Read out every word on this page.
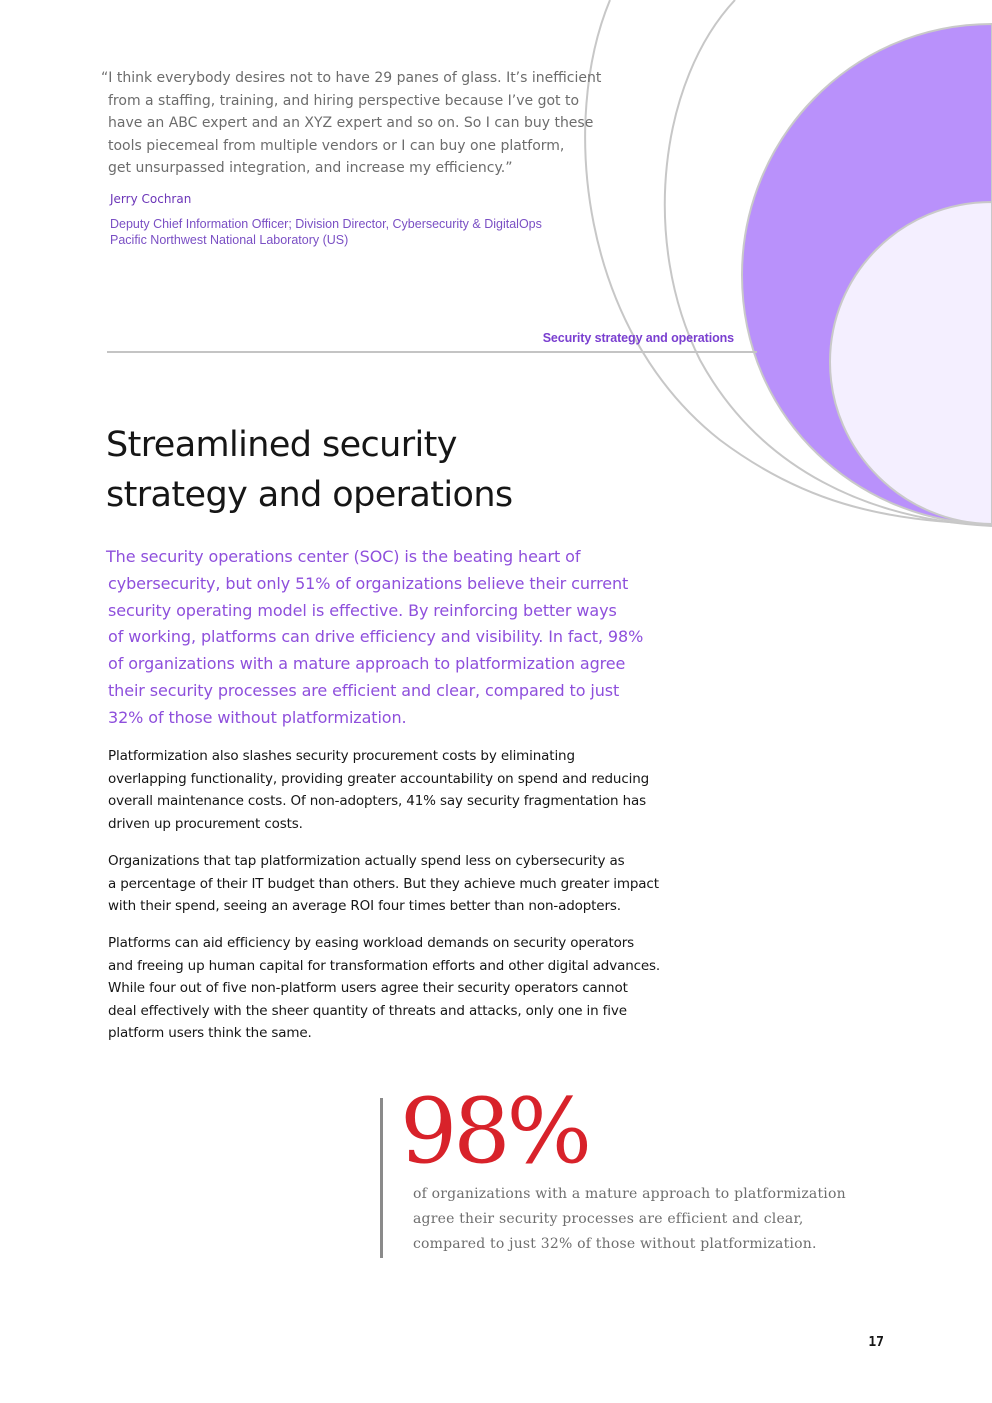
“I think everybody desires not to have 29 panes of glass. It’s inefficient
from a staffing, training, and hiring perspective because I’ve got to
have an ABC expert and an XYZ expert and so on. So I can buy these
tools piecemeal from multiple vendors or I can buy one platform,
get unsurpassed integration, and increase my efficiency.”

Jerry Cochran

Deputy Chief Information Officer; Division Director, Cybersecurity & DigitalOps
Pacific Northwest National Laboratory (US)

Security strategy and operations

Streamlined security
strategy and operations

The security operations center (SOC) is the beating heart of
cybersecurity, but only 51% of organizations believe their current
security operating model is effective. By reinforcing better ways
of working, platforms can drive efficiency and visibility. In fact, 98%
of organizations with a mature approach to platformization agree
their security processes are efficient and clear, compared to just
32% of those without platformization.

Platformization also slashes security procurement costs by eliminating
overlapping functionality, providing greater accountability on spend and reducing
overall maintenance costs. Of non-adopters, 41% say security fragmentation has
driven up procurement costs.

Organizations that tap platformization actually spend less on cybersecurity as
a percentage of their IT budget than others. But they achieve much greater impact
with their spend, seeing an average ROI four times better than non-adopters.

Platforms can aid efficiency by easing workload demands on security operators
and freeing up human capital for transformation efforts and other digital advances.
While four out of five non-platform users agree their security operators cannot
deal effectively with the sheer quantity of threats and attacks, only one in five
platform users think the same.

98%

of organizations with a mature approach to platformization
agree their security processes are efficient and clear,
compared to just 32% of those without platformization.

17
